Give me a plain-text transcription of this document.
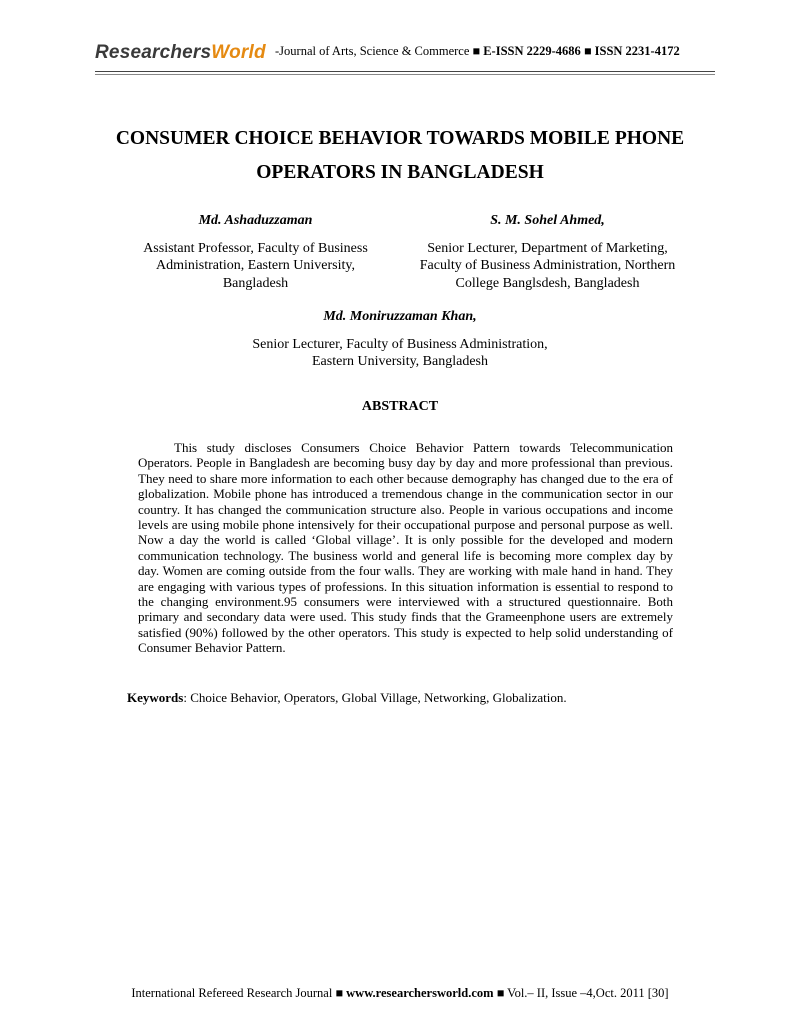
ResearchersWorld -Journal of Arts, Science & Commerce ■ E-ISSN 2229-4686 ■ ISSN 2231-4172
CONSUMER CHOICE BEHAVIOR TOWARDS MOBILE PHONE
OPERATORS IN BANGLADESH
Md. Ashaduzzaman
Assistant Professor, Faculty of Business
Administration, Eastern University,
Bangladesh
S. M. Sohel Ahmed,
Senior Lecturer, Department of Marketing,
Faculty of Business Administration, Northern
College Banglsdesh, Bangladesh
Md. Moniruzzaman Khan,
Senior Lecturer, Faculty of Business Administration,
Eastern University, Bangladesh
ABSTRACT

This study discloses Consumers Choice Behavior Pattern towards Telecommunication Operators. People in Bangladesh are becoming busy day by day and more professional than previous. They need to share more information to each other because demography has changed due to the era of globalization. Mobile phone has introduced a tremendous change in the communication sector in our country. It has changed the communication structure also. People in various occupations and income levels are using mobile phone intensively for their occupational purpose and personal purpose as well. Now a day the world is called ‘Global village’. It is only possible for the developed and modern communication technology. The business world and general life is becoming more complex day by day. Women are coming outside from the four walls. They are working with male hand in hand. They are engaging with various types of professions. In this situation information is essential to respond to the changing environment.95 consumers were interviewed with a structured questionnaire. Both primary and secondary data were used. This study finds that the Grameenphone users are extremely satisfied (90%) followed by the other operators. This study is expected to help solid understanding of Consumer Behavior Pattern.

Keywords: Choice Behavior, Operators, Global Village, Networking, Globalization.
International Refereed Research Journal ■ www.researchersworld.com ■ Vol.– II, Issue –4,Oct. 2011 [30]
